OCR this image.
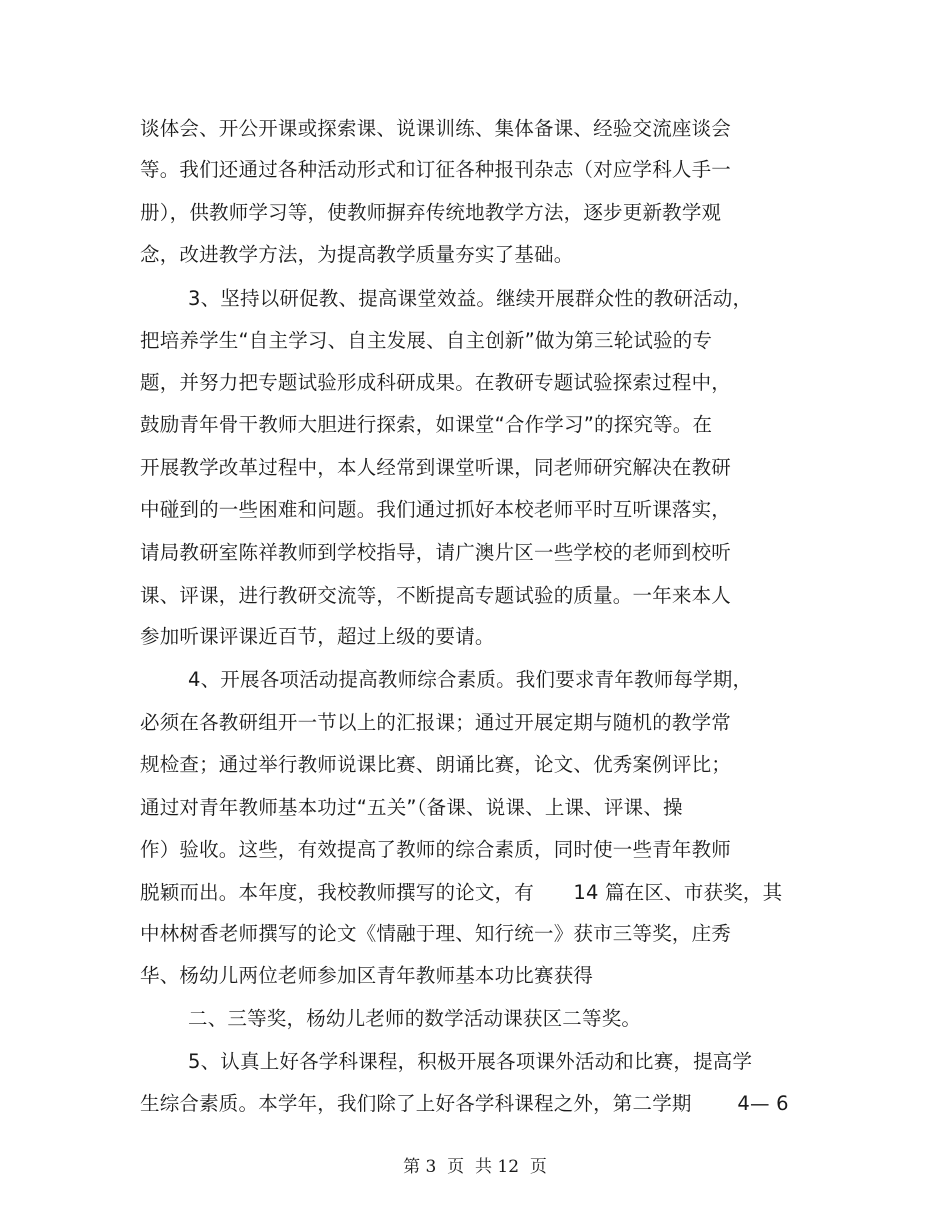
谈体会、开公开课或探索课、说课训练、集体备课、经验交流座谈会
等。我们还通过各种活动形式和订征各种报刊杂志（对应学科人手一
册），供教师学习等，使教师摒弃传统地教学方法，逐步更新教学观
念，改进教学方法，为提高教学质量夯实了基础。
3、坚持以研促教、提高课堂效益。继续开展群众性的教研活动，
把培养学生“自主学习、自主发展、自主创新”做为第三轮试验的专
题，并努力把专题试验形成科研成果。在教研专题试验探索过程中，
鼓励青年骨干教师大胆进行探索，如课堂“合作学习”的探究等。在
开展教学改革过程中，本人经常到课堂听课，同老师研究解决在教研
中碰到的一些困难和问题。我们通过抓好本校老师平时互听课落实，
请局教研室陈祥教师到学校指导，请广澳片区一些学校的老师到校听
课、评课，进行教研交流等，不断提高专题试验的质量。一年来本人
参加听课评课近百节，超过上级的要请。
4、开展各项活动提高教师综合素质。我们要求青年教师每学期，
必须在各教研组开一节以上的汇报课；通过开展定期与随机的教学常
规检查；通过举行教师说课比赛、朗诵比赛，论文、优秀案例评比；
通过对青年教师基本功过“五关”（备课、说课、上课、评课、操
作）验收。这些，有效提高了教师的综合素质，同时使一些青年教师
脱颖而出。本年度，我校教师撰写的论文，有　　14 篇在区、市获奖，其
中林树香老师撰写的论文《情融于理、知行统一》获市三等奖，庄秀
华、杨幼儿两位老师参加区青年教师基本功比赛获得
二、三等奖，杨幼儿老师的数学活动课获区二等奖。
5、认真上好各学科课程，积极开展各项课外活动和比赛，提高学
生综合素质。本学年，我们除了上好各学科课程之外，第二学期　　 4— 6
第 3  页  共 12  页
